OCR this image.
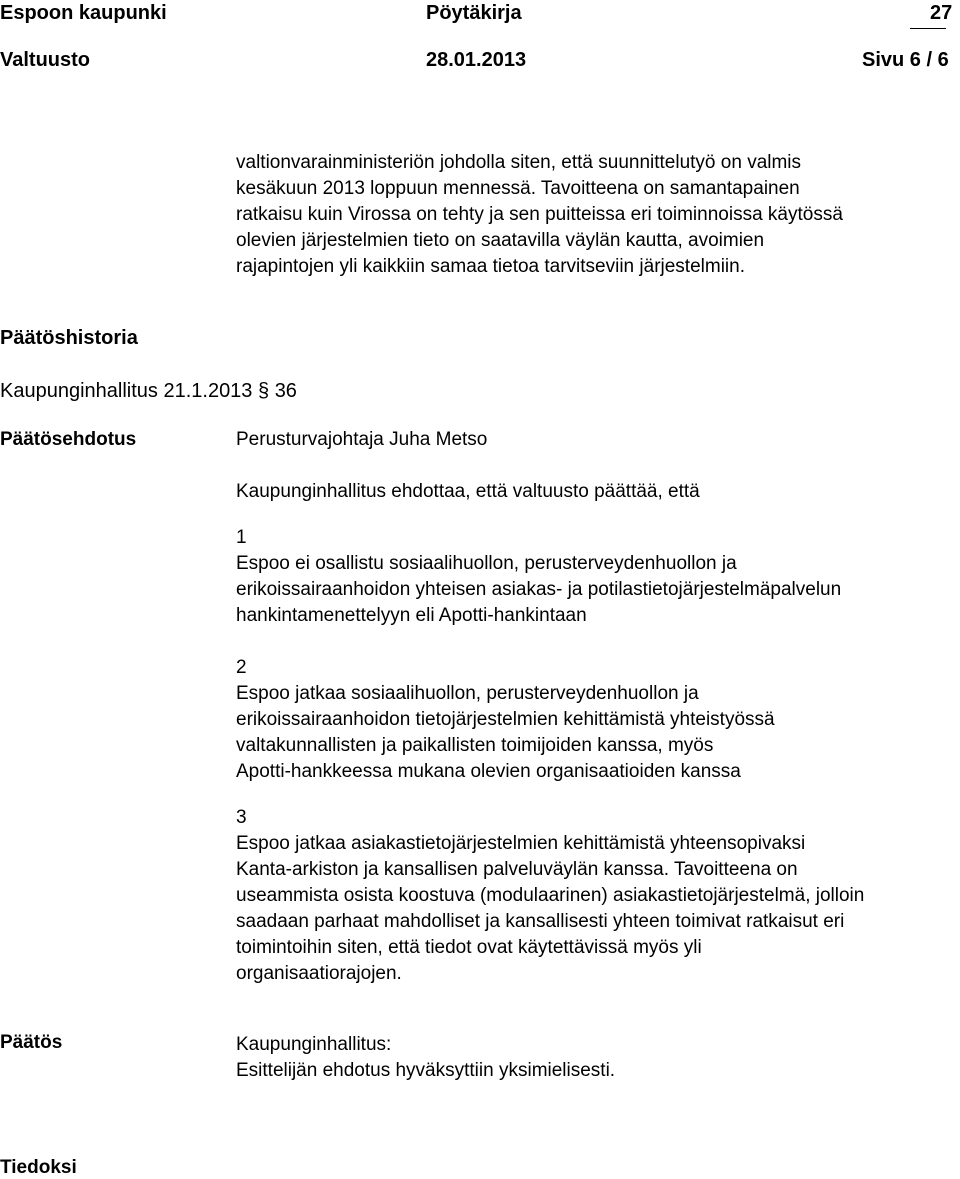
Espoon kaupunki	Pöytäkirja	27
Valtuusto	28.01.2013	Sivu 6 / 6
valtionvarainministeriön johdolla siten, että suunnittelutyö on valmis
kesäkuun 2013 loppuun mennessä. Tavoitteena on samantapainen
ratkaisu kuin Virossa on tehty ja sen puitteissa eri toiminnoissa käytössä
olevien järjestelmien tieto on saatavilla väylän kautta, avoimien
rajapintojen yli kaikkiin samaa tietoa tarvitseviin järjestelmiin.
Päätöshistoria
Kaupunginhallitus 21.1.2013 § 36
Päätösehdotus	Perusturvajohtaja Juha Metso
Kaupunginhallitus ehdottaa, että valtuusto päättää, että
1
Espoo ei osallistu sosiaalihuollon, perusterveydenhuollon ja
erikoissairaanhoidon yhteisen asiakas- ja potilastietojärjestelmäpalvelun
hankintamenettelyyn eli Apotti-hankintaan
2
Espoo jatkaa sosiaalihuollon, perusterveydenhuollon ja
erikoissairaanhoidon tietojärjestelmien kehittämistä yhteistyössä
valtakunnallisten ja paikallisten toimijoiden kanssa, myös
Apotti-hankkeessa mukana olevien organisaatioiden kanssa
3
Espoo jatkaa asiakastietojärjestelmien kehittämistä yhteensopivaksi
Kanta-arkiston ja kansallisen palveluväylän kanssa. Tavoitteena on
useammista osista koostuva (modulaarinen) asiakastietojärjestelmä, jolloin
saadaan parhaat mahdolliset ja kansallisesti yhteen toimivat ratkaisut eri
toimintoihin siten, että tiedot ovat käytettävissä myös yli
organisaatiorajojen.
Päätös	Kaupunginhallitus:
Esittelijän ehdotus hyväksyttiin yksimielisesti.
Tiedoksi
